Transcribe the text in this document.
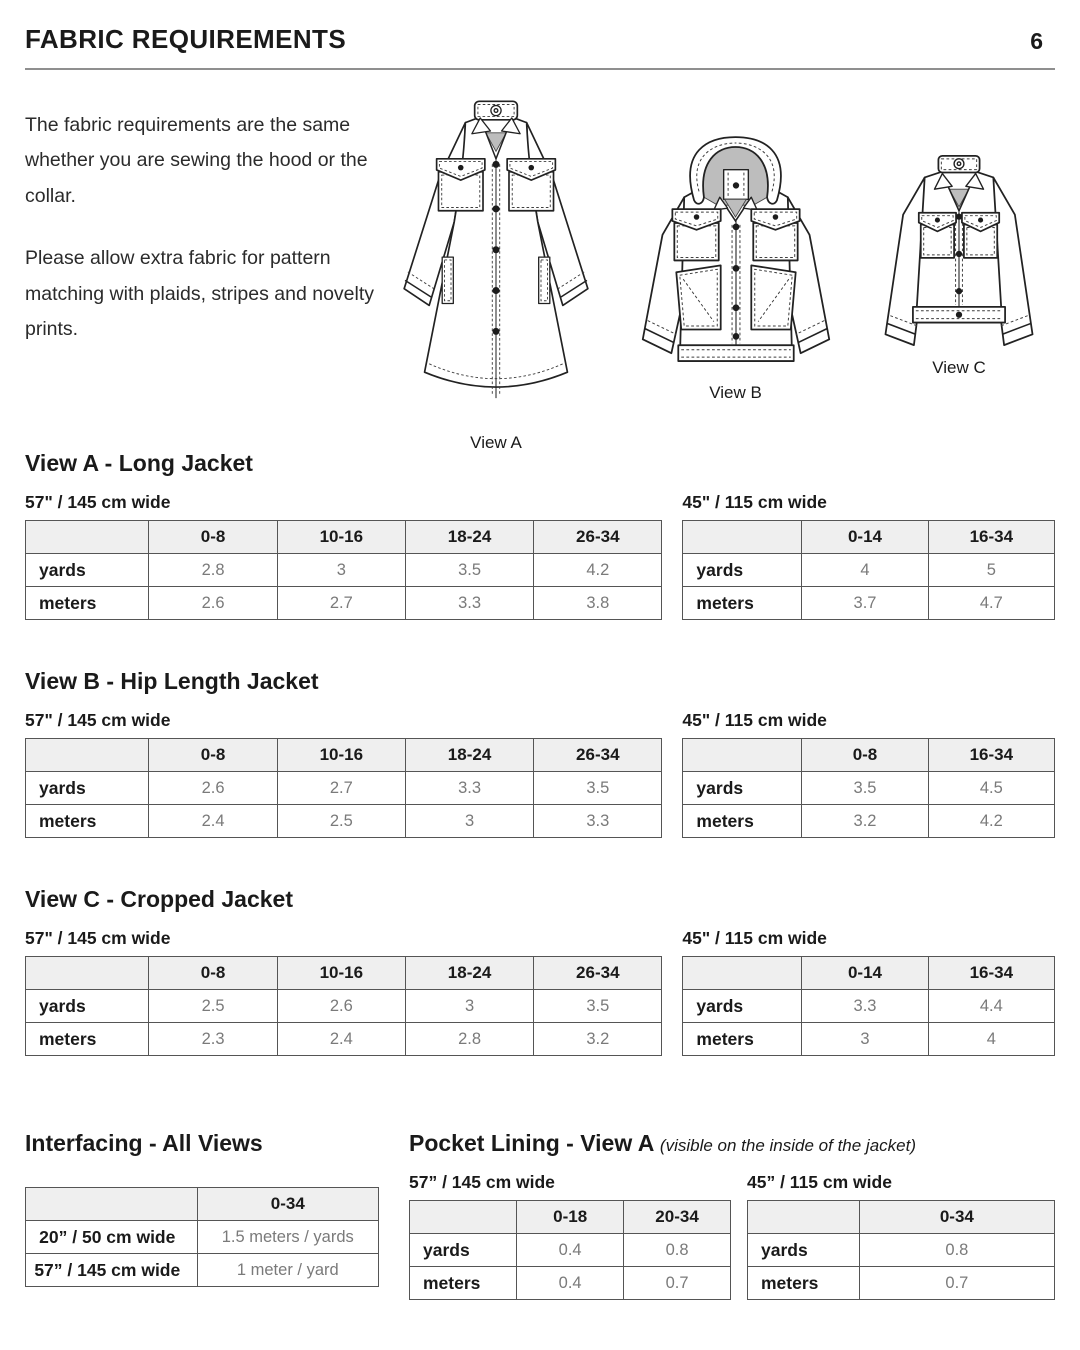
FABRIC REQUIREMENTS	6

The fabric requirements are the same whether you are sewing the hood or the collar.

Please allow extra fabric for pattern matching with plaids, stripes and novelty prints.

View A
View B
View C
View A - Long Jacket
57" / 145 cm wide
	0-8	10-16	18-24	26-34
yards	2.8	3	3.5	4.2
meters	2.6	2.7	3.3	3.8
45" / 115 cm wide
	0-14	16-34
yards	4	5
meters	3.7	4.7
View B - Hip Length Jacket
57" / 145 cm wide
	0-8	10-16	18-24	26-34
yards	2.6	2.7	3.3	3.5
meters	2.4	2.5	3	3.3
45" / 115 cm wide
	0-8	16-34
yards	3.5	4.5
meters	3.2	4.2
View C - Cropped Jacket
57" / 145 cm wide
	0-8	10-16	18-24	26-34
yards	2.5	2.6	3	3.5
meters	2.3	2.4	2.8	3.2
45" / 115 cm wide
	0-14	16-34
yards	3.3	4.4
meters	3	4
Interfacing - All Views
	0-34
20” / 50 cm wide	1.5 meters / yards
57” / 145 cm wide	1 meter / yard
Pocket Lining - View A (visible on the inside of the jacket)
57” / 145 cm wide
	0-18	20-34
yards	0.4	0.8
meters	0.4	0.7
45” / 115 cm wide
	0-34
yards	0.8
meters	0.7
